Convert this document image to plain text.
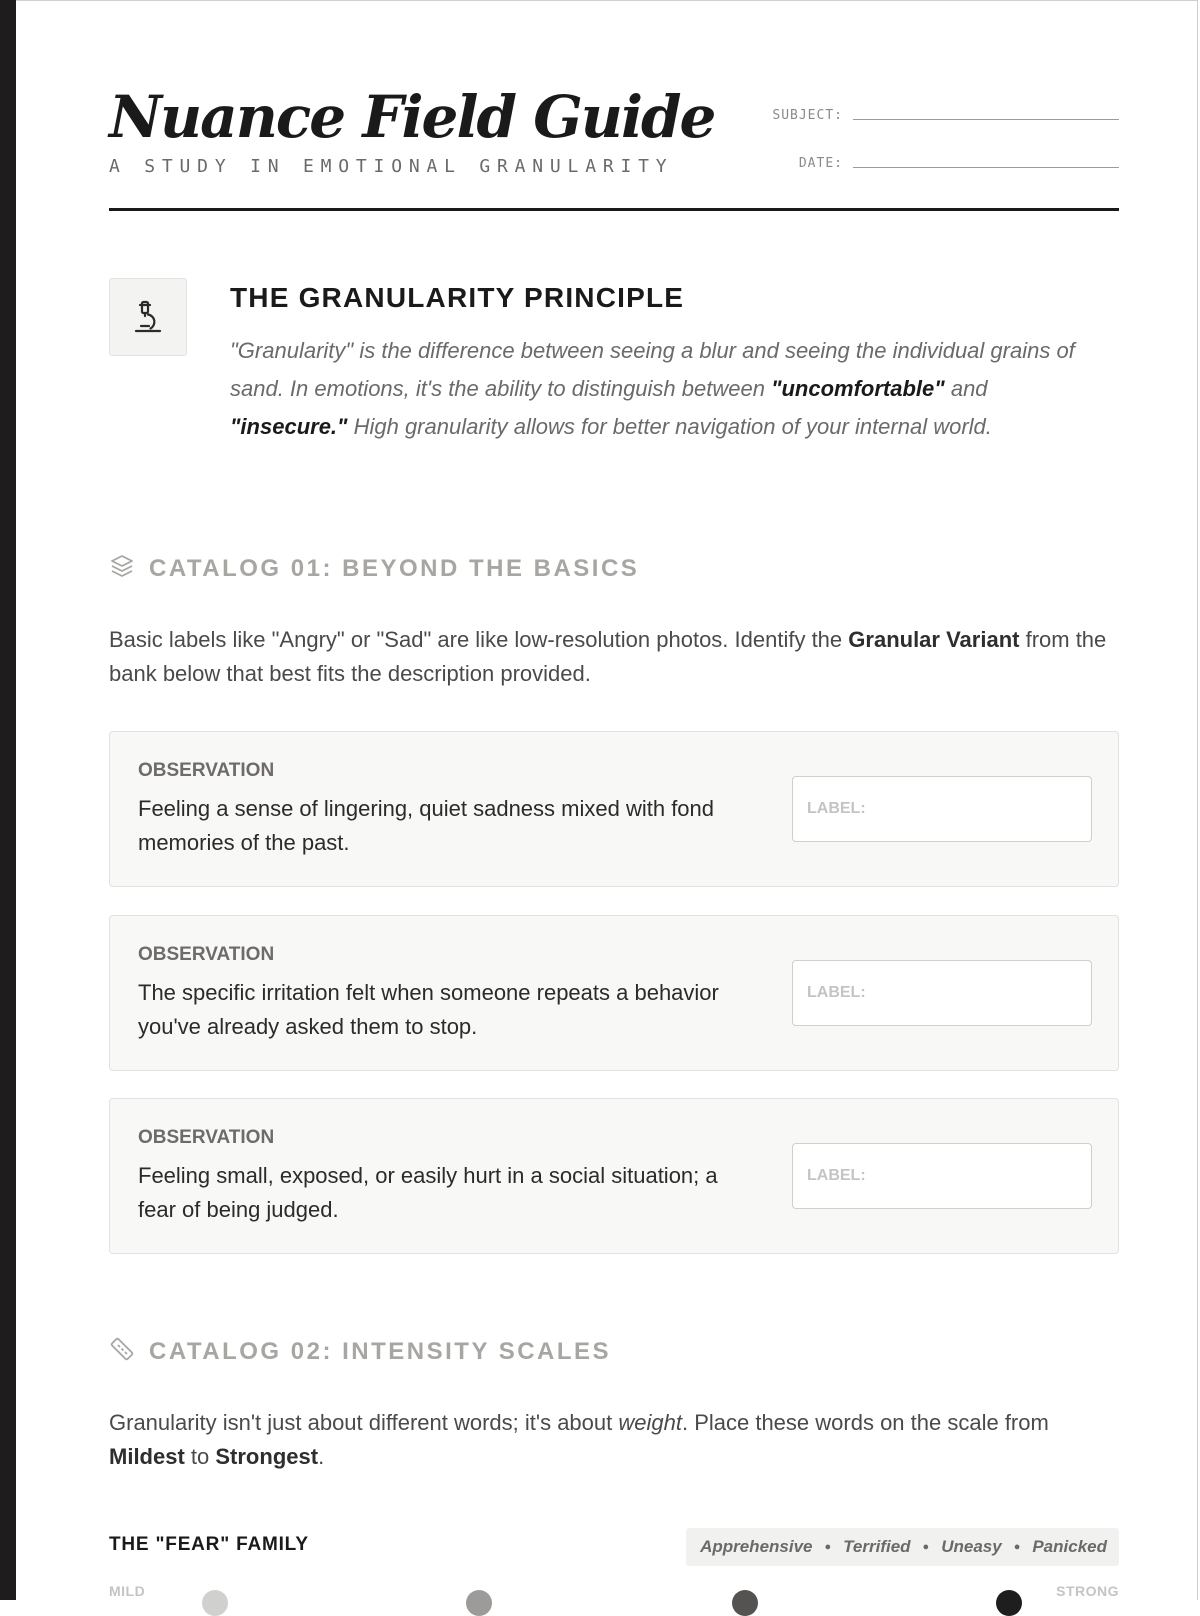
Nuance Field Guide
A STUDY IN EMOTIONAL GRANULARITY
SUBJECT:
DATE:
THE GRANULARITY PRINCIPLE

"Granularity" is the difference between seeing a blur and seeing the individual grains of sand. In emotions, it's the ability to distinguish between "uncomfortable" and "insecure." High granularity allows for better navigation of your internal world.

CATALOG 01: BEYOND THE BASICS

Basic labels like "Angry" or "Sad" are like low-resolution photos. Identify the Granular Variant from the bank below that best fits the description provided.

OBSERVATION
Feeling a sense of lingering, quiet sadness mixed with fond memories of the past.
LABEL:
OBSERVATION
The specific irritation felt when someone repeats a behavior you've already asked them to stop.
LABEL:
OBSERVATION
Feeling small, exposed, or easily hurt in a social situation; a fear of being judged.
LABEL:
CATALOG 02: INTENSITY SCALES

Granularity isn't just about different words; it's about weight. Place these words on the scale from Mildest to Strongest.

THE "FEAR" FAMILY	Apprehensive ● Terrified ● Uneasy ● Panicked
MILD	STRONG
